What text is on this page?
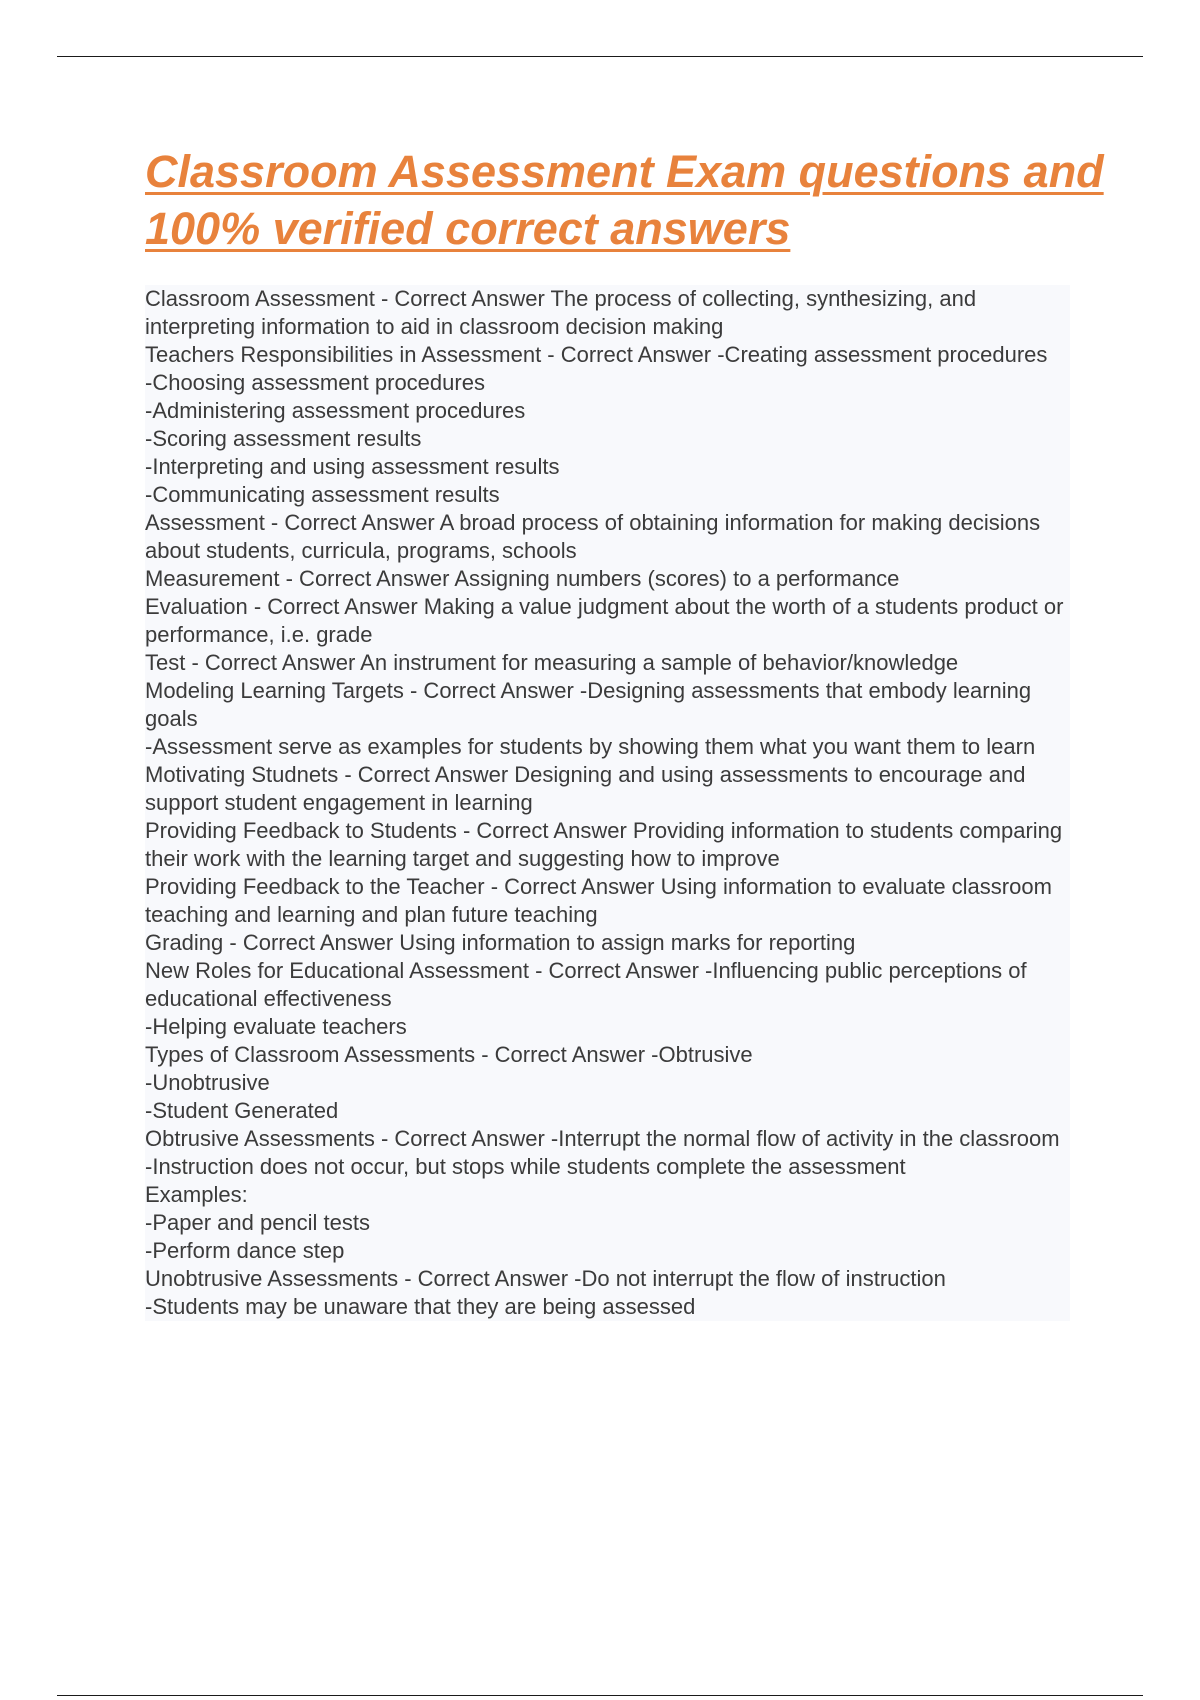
Classroom Assessment Exam questions and 100% verified correct answers
Classroom Assessment - Correct Answer The process of collecting, synthesizing, and interpreting information to aid in classroom decision making
Teachers Responsibilities in Assessment - Correct Answer -Creating assessment procedures
-Choosing assessment procedures
-Administering assessment procedures
-Scoring assessment results
-Interpreting and using assessment results
-Communicating assessment results
Assessment - Correct Answer A broad process of obtaining information for making decisions about students, curricula, programs, schools
Measurement - Correct Answer Assigning numbers (scores) to a performance
Evaluation - Correct Answer Making a value judgment about the worth of a students product or performance, i.e. grade
Test - Correct Answer An instrument for measuring a sample of behavior/knowledge
Modeling Learning Targets - Correct Answer -Designing assessments that embody learning goals
-Assessment serve as examples for students by showing them what you want them to learn
Motivating Studnets - Correct Answer Designing and using assessments to encourage and support student engagement in learning
Providing Feedback to Students - Correct Answer Providing information to students comparing their work with the learning target and suggesting how to improve
Providing Feedback to the Teacher - Correct Answer Using information to evaluate classroom teaching and learning and plan future teaching
Grading - Correct Answer Using information to assign marks for reporting
New Roles for Educational Assessment - Correct Answer -Influencing public perceptions of educational effectiveness
-Helping evaluate teachers
Types of Classroom Assessments - Correct Answer -Obtrusive
-Unobtrusive
-Student Generated
Obtrusive Assessments - Correct Answer -Interrupt the normal flow of activity in the classroom
-Instruction does not occur, but stops while students complete the assessment
Examples:
-Paper and pencil tests
-Perform dance step
Unobtrusive Assessments - Correct Answer -Do not interrupt the flow of instruction
-Students may be unaware that they are being assessed
